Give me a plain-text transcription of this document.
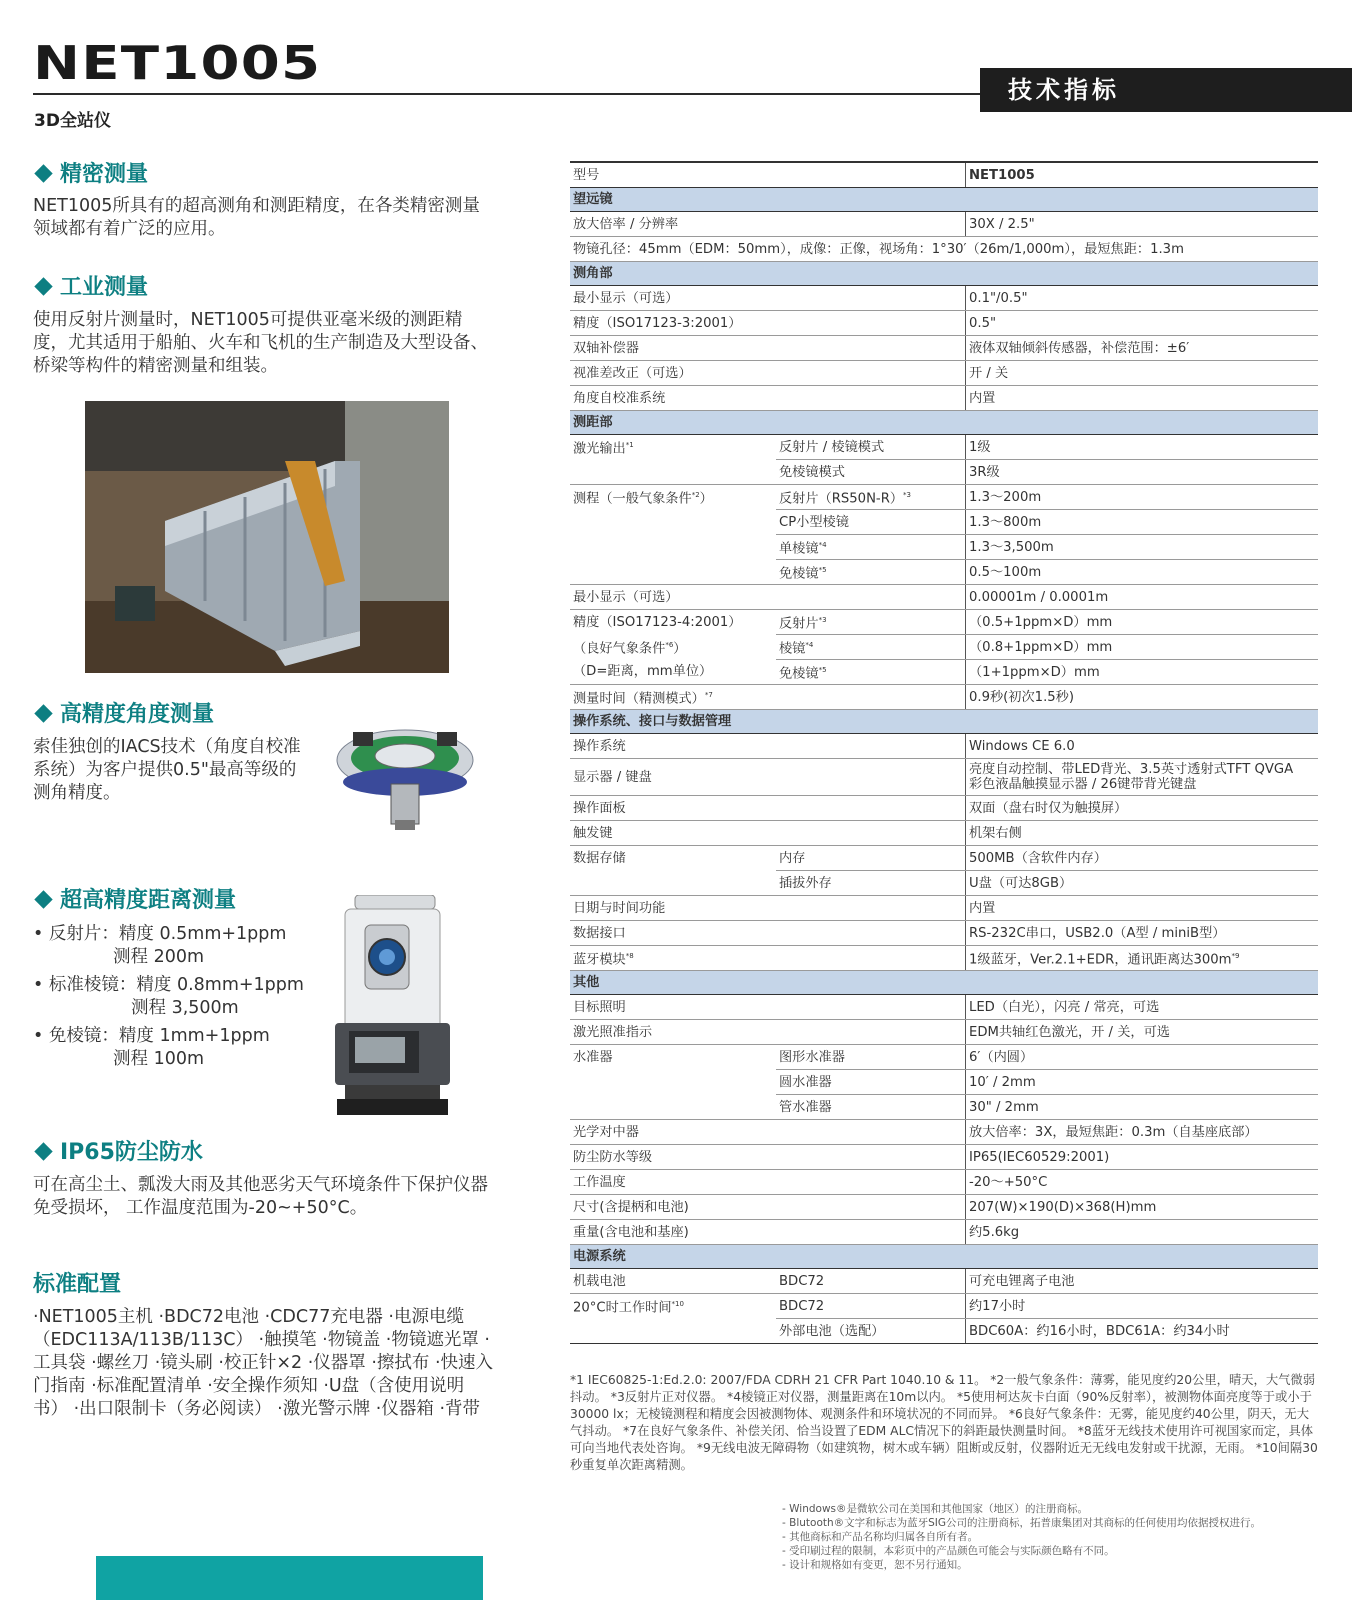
NET1005
3D全站仪
技术指标
精密测量
NET1005所具有的超高测角和测距精度，在各类精密测量领域都有着广泛的应用。
工业测量
使用反射片测量时，NET1005可提供亚毫米级的测距精度，尤其适用于船舶、火车和飞机的生产制造及大型设备、桥梁等构件的精密测量和组装。
高精度角度测量
索佳独创的IACS技术（角度自校准系统）为客户提供0.5"最高等级的测角精度。
超高精度距离测量
• 反射片：精度 0.5mm+1ppm
测程 200m
• 标准棱镜：精度 0.8mm+1ppm
测程 3,500m
• 免棱镜：精度 1mm+1ppm
测程 100m
IP65防尘防水
可在高尘土、瓢泼大雨及其他恶劣天气环境条件下保护仪器免受损坏， 工作温度范围为-20~+50°C。
标准配置
·NET1005主机 ·BDC72电池 ·CDC77充电器 ·电源电缆（EDC113A/113B/113C） ·触摸笔 ·物镜盖 ·物镜遮光罩 ·工具袋 ·螺丝刀 ·镜头刷 ·校正针×2 ·仪器罩 ·擦拭布 ·快速入门指南 ·标准配置清单 ·安全操作须知 ·U盘（含使用说明书） ·出口限制卡（务必阅读） ·激光警示牌 ·仪器箱 ·背带
型号		NET1005
望远镜		
放大倍率 / 分辨率		30X / 2.5"
物镜孔径：45mm（EDM：50mm），成像：正像，视场角：1°30′（26m/1,000m），最短焦距：1.3m		
测角部		
最小显示（可选）		0.1"/0.5"
精度（ISO17123-3:2001）		0.5"
双轴补偿器		液体双轴倾斜传感器，补偿范围：±6′
视准差改正（可选）		开 / 关
角度自校准系统		内置
测距部		
激光输出$^{*1}$	反射片 / 棱镜模式	1级
	免棱镜模式	3R级
测程（一般气象条件$^{*2}$）	反射片$(RS50N-R)^{*3}$	1.3～200m
	CP小型棱镜	1.3～800m
	单棱镜$^{*4}$	1.3～3,500m
	免棱镜$^{*5}$	0.5～100m
最小显示（可选）		0.00001m / 0.0001m
精度（ISO17123-4:2001）	反射片$^{*3}$	（0.5+1ppm×D）mm
（良好气象条件$^{*6}$）	棱镜$^{*4}$	（0.8+1ppm×D）mm
（D=距离，mm单位）	免棱镜$^{*5}$	（1+1ppm×D）mm
测量时间（精测模式）$^{*7}$		0.9秒(初次1.5秒)
操作系统、接口与数据管理		
操作系统		Windows CE 6.0
显示器 / 键盘		亮度自动控制、带LED背光、3.5英寸透射式TFT QVGA
彩色液晶触摸显示器 / 26键带背光键盘

操作面板		双面（盘右时仅为触摸屏）
触发键		机架右侧
数据存储	内存	500MB（含软件内存）
	插拔外存	U盘（可达8GB）
日期与时间功能		内置
数据接口		RS-232C串口，USB2.0（A型 / miniB型）
蓝牙模块$^{*8}$		1级蓝牙，Ver.2.1+EDR，通讯距离达$300m^{*9}$
其他		
目标照明		LED（白光），闪亮 / 常亮，可选
激光照准指示		EDM共轴红色激光，开 / 关，可选
水准器	图形水准器	6′（内圆）
	圆水准器	10′ / 2mm
	管水准器	30" / 2mm
光学对中器		放大倍率：3X，最短焦距：0.3m（自基座底部）
防尘防水等级		IP65(IEC60529:2001)
工作温度		-20～+50°C
尺寸(含提柄和电池)		207(W)×190(D)×368(H)mm
重量(含电池和基座)		约5.6kg
电源系统		
机载电池	BDC72	可充电锂离子电池
20°C时工作时间$^{*10}$	BDC72	约17小时
	外部电池（选配）	BDC60A：约16小时，BDC61A：约34小时
*1 IEC60825-1:Ed.2.0: 2007/FDA CDRH 21 CFR Part 1040.10 & 11。 *2一般气象条件：薄雾，能见度约20公里，晴天，大气微弱抖动。 *3反射片正对仪器。 *4棱镜正对仪器，测量距离在10m以内。 *5使用柯达灰卡白面（90%反射率），被测物体面亮度等于或小于30000 lx；无棱镜测程和精度会因被测物体、观测条件和环境状况的不同而异。 *6良好气象条件：无雾，能见度约40公里，阴天，无大气抖动。 *7在良好气象条件、补偿关闭、恰当设置了EDM ALC情况下的斜距最快测量时间。 *8蓝牙无线技术使用许可视国家而定，具体可向当地代表处咨询。 *9无线电波无障碍物（如建筑物，树木或车辆）阻断或反射，仪器附近无无线电发射或干扰源，无雨。 *10间隔30秒重复单次距离精测。
- Windows®是微软公司在美国和其他国家（地区）的注册商标。
- Blutooth®文字和标志为蓝牙SIG公司的注册商标，拓普康集团对其商标的任何使用均依据授权进行。
- 其他商标和产品名称均归属各自所有者。
- 受印刷过程的限制，本彩页中的产品颜色可能会与实际颜色略有不同。
- 设计和规格如有变更，恕不另行通知。
